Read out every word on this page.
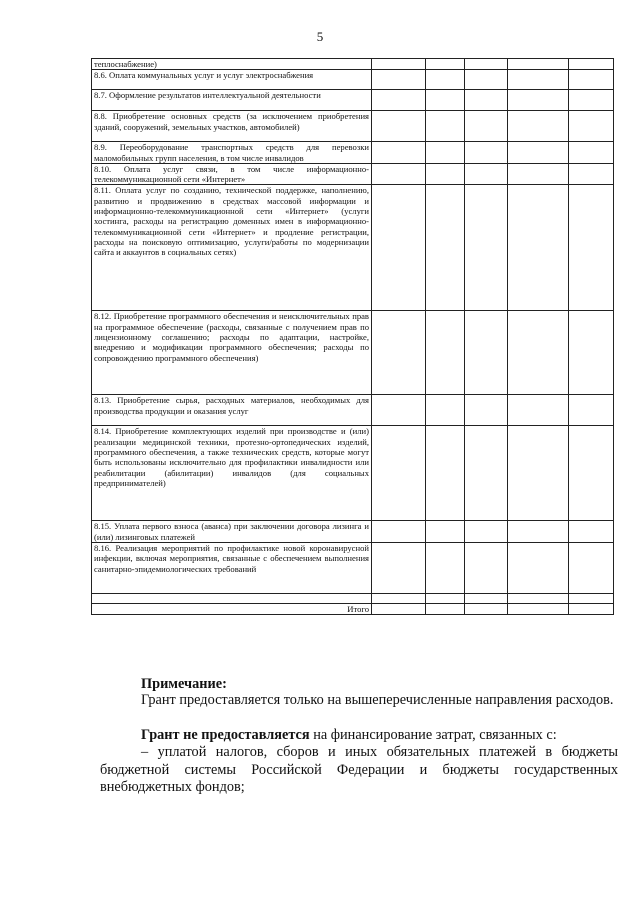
5
теплоснабжение)					
8.6. Оплата коммунальных услуг и услуг электроснабжения					
8.7. Оформление результатов интеллектуальной деятельности					
8.8. Приобретение основных средств (за исключением приобретения зданий, сооружений, земельных участков, автомобилей)					
8.9. Переоборудование транспортных средств для перевозки маломобильных групп населения, в том числе инвалидов					
8.10. Оплата услуг связи, в том числе информационно-телекоммуникационной сети «Интернет»					
8.11. Оплата услуг по созданию, технической поддержке, наполнению, развитию и продвижению в средствах массовой информации и информационно-телекоммуникационной сети «Интернет» (услуги хостинга, расходы на регистрацию доменных имен в информационно-телекоммуникационной сети «Интернет» и продление регистрации, расходы на поисковую оптимизацию, услуги/работы по модернизации сайта и аккаунтов в социальных сетях)					
8.12. Приобретение программного обеспечения и неисключительных прав на программное обеспечение (расходы, связанные с получением прав по лицензионному соглашению; расходы по адаптации, настройке, внедрению и модификации программного обеспечения; расходы по сопровождению программного обеспечения)					
8.13. Приобретение сырья, расходных материалов, необходимых для производства продукции и оказания услуг					
8.14. Приобретение комплектующих изделий при производстве и (или) реализации медицинской техники, протезно-ортопедических изделий, программного обеспечения, а также технических средств, которые могут быть использованы исключительно для профилактики инвалидности или реабилитации (абилитации) инвалидов (для социальных предпринимателей)					
8.15. Уплата первого взноса (аванса) при заключении договора лизинга и (или) лизинговых платежей					
8.16. Реализация мероприятий по профилактике новой коронавирусной инфекции, включая мероприятия, связанные с обеспечением выполнения санитарно-эпидемиологических требований					

Итого					
Примечание:
Грант предоставляется только на вышеперечисленные направления расходов.
Грант не предоставляется на финансирование затрат, связанных с:
– уплатой налогов, сборов и иных обязательных платежей в бюджеты бюджетной системы Российской Федерации и бюджеты государственных внебюджетных фондов;
